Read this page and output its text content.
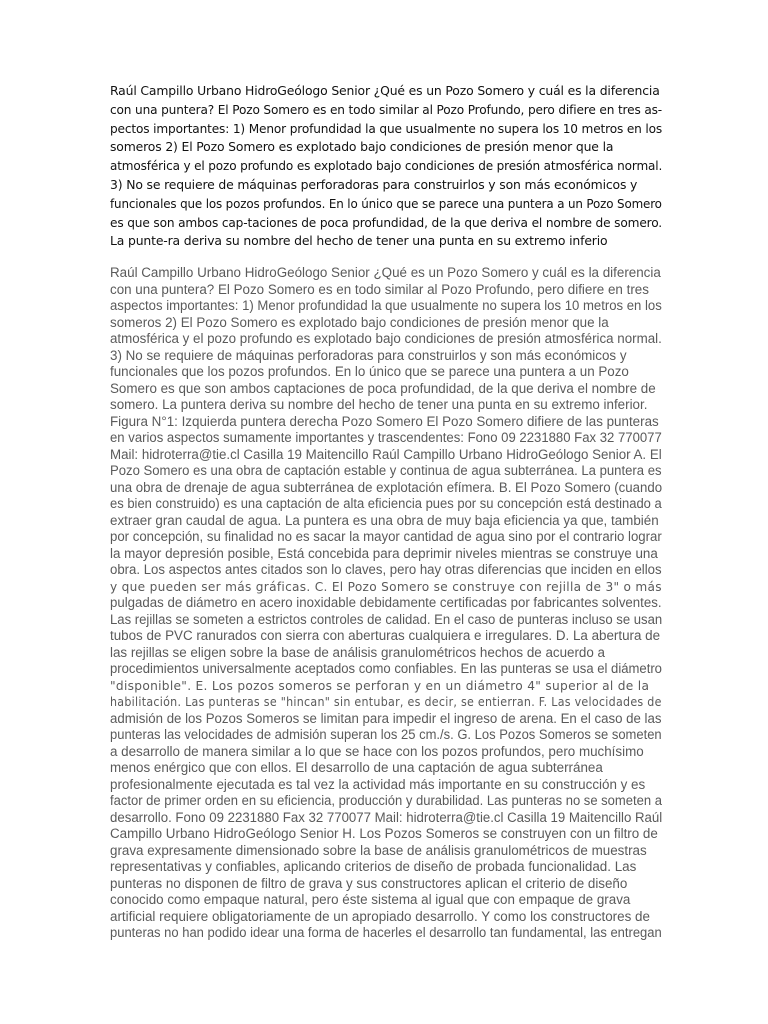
Raúl Campillo Urbano HidroGeólogo Senior ¿Qué es un Pozo Somero y cuál es la diferencia
con una puntera? El Pozo Somero es en todo similar al Pozo Profundo, pero difiere en tres as-
pectos importantes: 1) Menor profundidad la que usualmente no supera los 10 metros en los
someros 2) El Pozo Somero es explotado bajo condiciones de presión menor que la
atmosférica y el pozo profundo es explotado bajo condiciones de presión atmosférica normal.
3) No se requiere de máquinas perforadoras para construirlos y son más económicos y
funcionales que los pozos profundos. En lo único que se parece una puntera a un Pozo Somero
es que son ambos cap-taciones de poca profundidad, de la que deriva el nombre de somero.
La punte-ra deriva su nombre del hecho de tener una punta en su extremo inferio
Raúl Campillo Urbano HidroGeólogo Senior ¿Qué es un Pozo Somero y cuál es la diferencia
con una puntera? El Pozo Somero es en todo similar al Pozo Profundo, pero difiere en tres
aspectos importantes: 1) Menor profundidad la que usualmente no supera los 10 metros en los
someros 2) El Pozo Somero es explotado bajo condiciones de presión menor que la
atmosférica y el pozo profundo es explotado bajo condiciones de presión atmosférica normal.
3) No se requiere de máquinas perforadoras para construirlos y son más económicos y
funcionales que los pozos profundos. En lo único que se parece una puntera a un Pozo
Somero es que son ambos captaciones de poca profundidad, de la que deriva el nombre de
somero. La puntera deriva su nombre del hecho de tener una punta en su extremo inferior.
Figura N°1: Izquierda puntera derecha Pozo Somero El Pozo Somero difiere de las punteras
en varios aspectos sumamente importantes y trascendentes: Fono 09 2231880 Fax 32 770077
Mail: hidroterra@tie.cl Casilla 19 Maitencillo Raúl Campillo Urbano HidroGeólogo Senior A. El
Pozo Somero es una obra de captación estable y continua de agua subterránea. La puntera es
una obra de drenaje de agua subterránea de explotación efímera. B. El Pozo Somero (cuando
es bien construido) es una captación de alta eficiencia pues por su concepción está destinado a
extraer gran caudal de agua. La puntera es una obra de muy baja eficiencia ya que, también
por concepción, su finalidad no es sacar la mayor cantidad de agua sino por el contrario lograr
la mayor depresión posible, Está concebida para deprimir niveles mientras se construye una
obra. Los aspectos antes citados son lo claves, pero hay otras diferencias que inciden en ellos
y que pueden ser más gráficas. C. El Pozo Somero se construye con rejilla de 3" o más
pulgadas de diámetro en acero inoxidable debidamente certificadas por fabricantes solventes.
Las rejillas se someten a estrictos controles de calidad. En el caso de punteras incluso se usan
tubos de PVC ranurados con sierra con aberturas cualquiera e irregulares. D. La abertura de
las rejillas se eligen sobre la base de análisis granulométricos hechos de acuerdo a
procedimientos universalmente aceptados como confiables. En las punteras se usa el diámetro
"disponible". E. Los pozos someros se perforan y en un diámetro 4" superior al de la
habilitación. Las punteras se "hincan" sin entubar, es decir, se entierran. F. Las velocidades de
admisión de los Pozos Someros se limitan para impedir el ingreso de arena. En el caso de las
punteras las velocidades de admisión superan los 25 cm./s. G. Los Pozos Someros se someten
a desarrollo de manera similar a lo que se hace con los pozos profundos, pero muchísimo
menos enérgico que con ellos. El desarrollo de una captación de agua subterránea
profesionalmente ejecutada es tal vez la actividad más importante en su construcción y es
factor de primer orden en su eficiencia, producción y durabilidad. Las punteras no se someten a
desarrollo. Fono 09 2231880 Fax 32 770077 Mail: hidroterra@tie.cl Casilla 19 Maitencillo Raúl
Campillo Urbano HidroGeólogo Senior H. Los Pozos Someros se construyen con un filtro de
grava expresamente dimensionado sobre la base de análisis granulométricos de muestras
representativas y confiables, aplicando criterios de diseño de probada funcionalidad. Las
punteras no disponen de filtro de grava y sus constructores aplican el criterio de diseño
conocido como empaque natural, pero éste sistema al igual que con empaque de grava
artificial requiere obligatoriamente de un apropiado desarrollo. Y como los constructores de
punteras no han podido idear una forma de hacerles el desarrollo tan fundamental, las entregan
